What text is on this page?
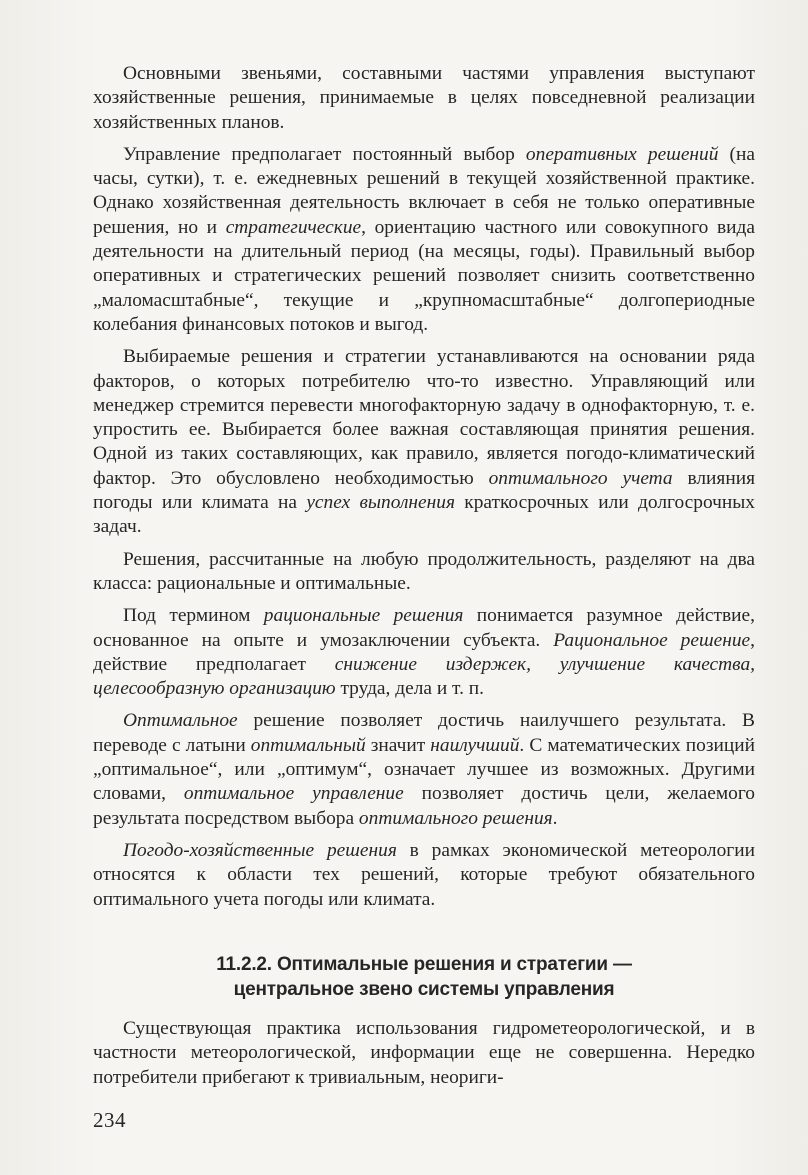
Основными звеньями, составными частями управления выступают хозяйственные решения, принимаемые в целях повседневной реализации хозяйственных планов.

Управление предполагает постоянный выбор оперативных решений (на часы, сутки), т. е. ежедневных решений в текущей хозяйственной практике. Однако хозяйственная деятельность включает в себя не только оперативные решения, но и стратегические, ориентацию частного или совокупного вида деятельности на длительный период (на месяцы, годы). Правильный выбор оперативных и стратегических решений позволяет снизить соответственно „маломасштабные“, текущие и „крупномасштабные“ долгопериодные колебания финансовых потоков и выгод.

Выбираемые решения и стратегии устанавливаются на основании ряда факторов, о которых потребителю что-то известно. Управляющий или менеджер стремится перевести многофакторную задачу в однофакторную, т. е. упростить ее. Выбирается более важная составляющая принятия решения. Одной из таких составляющих, как правило, является погодо-климатический фактор. Это обусловлено необходимостью оптимального учета влияния погоды или климата на успех выполнения краткосрочных или долгосрочных задач.

Решения, рассчитанные на любую продолжительность, разделяют на два класса: рациональные и оптимальные.

Под термином рациональные решения понимается разумное действие, основанное на опыте и умозаключении субъекта. Рациональное решение, действие предполагает снижение издержек, улучшение качества, целесообразную организацию труда, дела и т. п.

Оптимальное решение позволяет достичь наилучшего результата. В переводе с латыни оптимальный значит наилучший. С математических позиций „оптимальное“, или „оптимум“, означает лучшее из возможных. Другими словами, оптимальное управление позволяет достичь цели, желаемого результата посредством выбора оптимального решения.

Погодо-хозяйственные решения в рамках экономической метеорологии относятся к области тех решений, которые требуют обязательного оптимального учета погоды или климата.

11.2.2. Оптимальные решения и стратегии —
центральное звено системы управления

Существующая практика использования гидрометеорологической, и в частности метеорологической, информации еще не совершенна. Нередко потребители прибегают к тривиальным, неориги-

234
